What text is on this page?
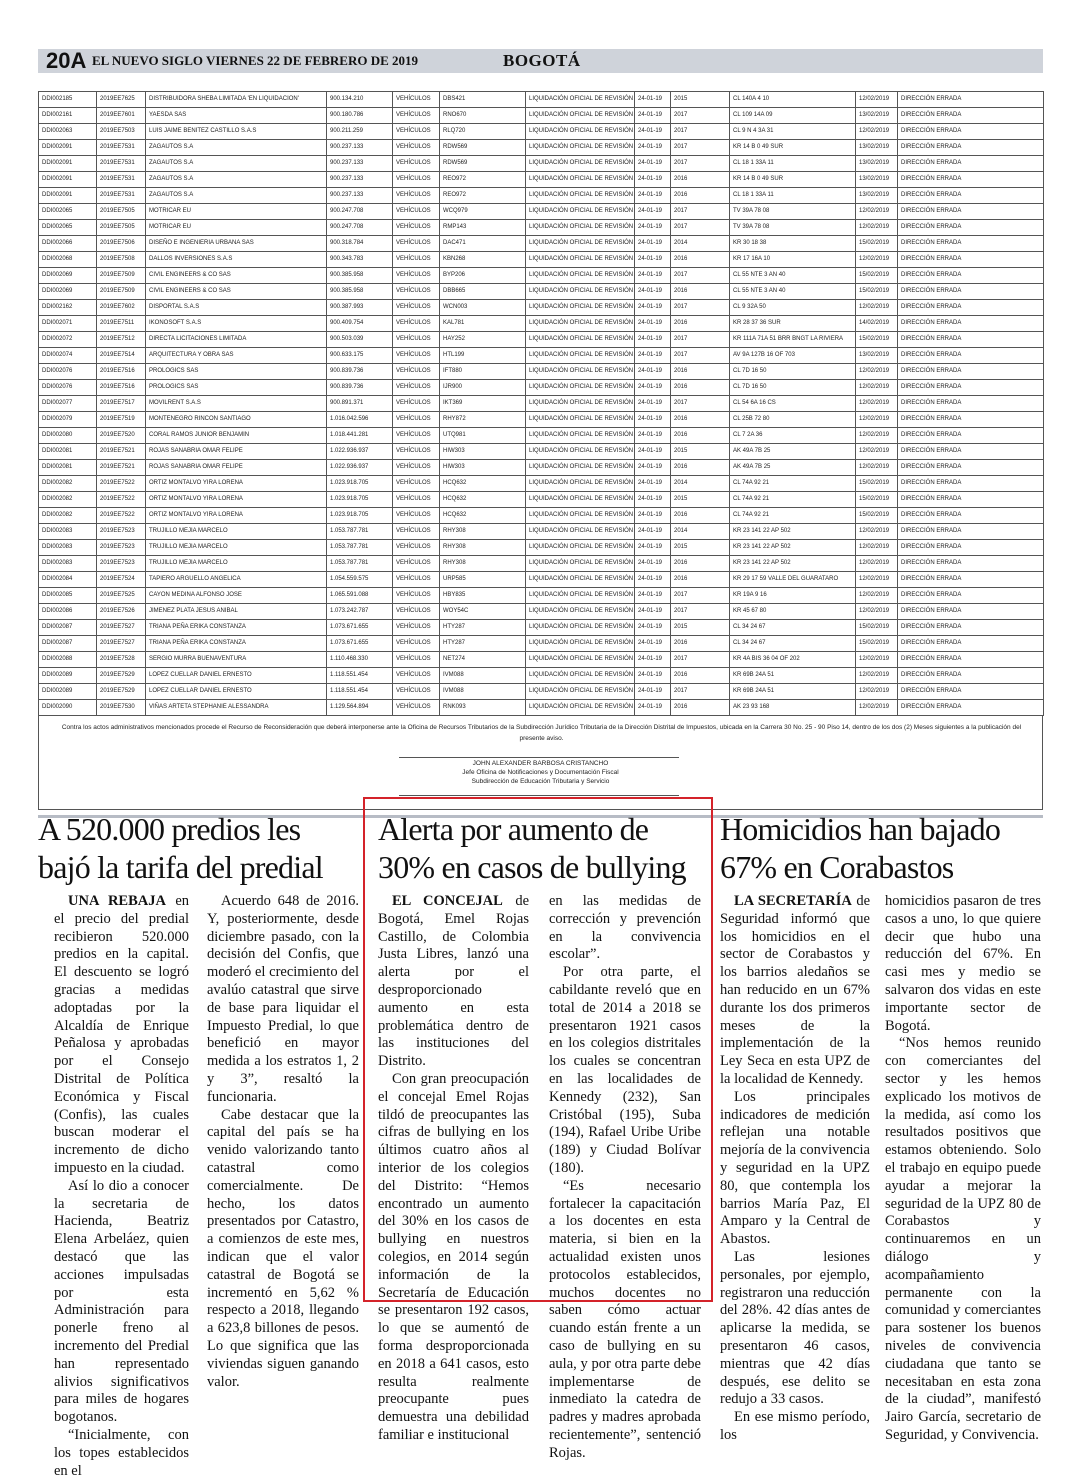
20A EL NUEVO SIGLO VIERNES 22 DE FEBRERO DE 2019	BOGOTÁ
DDI002185	2019EE7625	DISTRIBUIDORA SHEBA LIMITADA 'EN LIQUIDACION'	900.134.210	VEHÍCULOS	DBS421	LIQUIDACIÓN OFICIAL DE REVISIÓN	24-01-19	2015	CL 140A 4 10	12/02/2019	DIRECCIÓN ERRADA
DDI002161	2019EE7601	YAESDA SAS	900.180.786	VEHÍCULOS	RNO670	LIQUIDACIÓN OFICIAL DE REVISIÓN	24-01-19	2017	CL 109 14A 09	13/02/2019	DIRECCIÓN ERRADA
DDI002063	2019EE7503	LUIS JAIME BENITEZ CASTILLO S.A.S	900.211.259	VEHÍCULOS	RLQ720	LIQUIDACIÓN OFICIAL DE REVISIÓN	24-01-19	2017	CL 9 N 4 3A 31	12/02/2019	DIRECCIÓN ERRADA
DDI002091	2019EE7531	ZAGAUTOS S.A	900.237.133	VEHÍCULOS	RDW569	LIQUIDACIÓN OFICIAL DE REVISIÓN	24-01-19	2017	KR 14 B 0 49 SUR	13/02/2019	DIRECCIÓN ERRADA
DDI002091	2019EE7531	ZAGAUTOS S.A	900.237.133	VEHÍCULOS	RDW569	LIQUIDACIÓN OFICIAL DE REVISIÓN	24-01-19	2017	CL 18 1 33A 11	13/02/2019	DIRECCIÓN ERRADA
DDI002091	2019EE7531	ZAGAUTOS S.A	900.237.133	VEHÍCULOS	REO972	LIQUIDACIÓN OFICIAL DE REVISIÓN	24-01-19	2016	KR 14 B 0 49 SUR	13/02/2019	DIRECCIÓN ERRADA
DDI002091	2019EE7531	ZAGAUTOS S.A	900.237.133	VEHÍCULOS	REO972	LIQUIDACIÓN OFICIAL DE REVISIÓN	24-01-19	2016	CL 18 1 33A 11	13/02/2019	DIRECCIÓN ERRADA
DDI002065	2019EE7505	MOTRICAR EU	900.247.708	VEHÍCULOS	WCQ979	LIQUIDACIÓN OFICIAL DE REVISIÓN	24-01-19	2017	TV 39A 78 08	12/02/2019	DIRECCIÓN ERRADA
DDI002065	2019EE7505	MOTRICAR EU	900.247.708	VEHÍCULOS	RMP143	LIQUIDACIÓN OFICIAL DE REVISIÓN	24-01-19	2017	TV 39A 78 08	12/02/2019	DIRECCIÓN ERRADA
DDI002066	2019EE7506	DISEÑO E INGENIERIA URBANA SAS	900.318.784	VEHÍCULOS	DAC471	LIQUIDACIÓN OFICIAL DE REVISIÓN	24-01-19	2014	KR 30 18 38	15/02/2019	DIRECCIÓN ERRADA
DDI002068	2019EE7508	DALLOS INVERSIONES S.A.S	900.343.783	VEHÍCULOS	KBN268	LIQUIDACIÓN OFICIAL DE REVISIÓN	24-01-19	2016	KR 17 16A 10	12/02/2019	DIRECCIÓN ERRADA
DDI002069	2019EE7509	CIVIL ENGINEERS & CO SAS	900.385.958	VEHÍCULOS	BYP206	LIQUIDACIÓN OFICIAL DE REVISIÓN	24-01-19	2017	CL 55 NTE 3 AN 40	15/02/2019	DIRECCIÓN ERRADA
DDI002069	2019EE7509	CIVIL ENGINEERS & CO SAS	900.385.958	VEHÍCULOS	DBB665	LIQUIDACIÓN OFICIAL DE REVISIÓN	24-01-19	2016	CL 55 NTE 3 AN 40	15/02/2019	DIRECCIÓN ERRADA
DDI002162	2019EE7602	DISPORTAL S.A.S	900.387.993	VEHÍCULOS	WCN003	LIQUIDACIÓN OFICIAL DE REVISIÓN	24-01-19	2017	CL 9 32A 50	12/02/2019	DIRECCIÓN ERRADA
DDI002071	2019EE7511	IKONOSOFT S.A.S	900.409.754	VEHÍCULOS	KAL781	LIQUIDACIÓN OFICIAL DE REVISIÓN	24-01-19	2016	KR 28 37 36 SUR	14/02/2019	DIRECCIÓN ERRADA
DDI002072	2019EE7512	DIRECTA LICITACIONES LIMITADA	900.503.039	VEHÍCULOS	HAY252	LIQUIDACIÓN OFICIAL DE REVISIÓN	24-01-19	2017	KR 111A 71A 51 BRR BNGT LA RIVIERA	15/02/2019	DIRECCIÓN ERRADA
DDI002074	2019EE7514	ARQUITECTURA Y OBRA SAS	900.633.175	VEHÍCULOS	HTL199	LIQUIDACIÓN OFICIAL DE REVISIÓN	24-01-19	2017	AV 9A 127B 16 OF 703	13/02/2019	DIRECCIÓN ERRADA
DDI002076	2019EE7516	PROLOGICS SAS	900.839.736	VEHÍCULOS	IFT880	LIQUIDACIÓN OFICIAL DE REVISIÓN	24-01-19	2016	CL 7D 16 50	12/02/2019	DIRECCIÓN ERRADA
DDI002076	2019EE7516	PROLOGICS SAS	900.839.736	VEHÍCULOS	IJR900	LIQUIDACIÓN OFICIAL DE REVISIÓN	24-01-19	2016	CL 7D 16 50	12/02/2019	DIRECCIÓN ERRADA
DDI002077	2019EE7517	MOVILRENT S.A.S	900.891.371	VEHÍCULOS	IKT369	LIQUIDACIÓN OFICIAL DE REVISIÓN	24-01-19	2017	CL 54 6A 16 CS	12/02/2019	DIRECCIÓN ERRADA
DDI002079	2019EE7519	MONTENEGRO RINCON SANTIAGO	1.016.042.596	VEHÍCULOS	RHY872	LIQUIDACIÓN OFICIAL DE REVISIÓN	24-01-19	2016	CL 25B 72 80	12/02/2019	DIRECCIÓN ERRADA
DDI002080	2019EE7520	CORAL RAMOS JUNIOR BENJAMIN	1.018.441.281	VEHÍCULOS	UTQ981	LIQUIDACIÓN OFICIAL DE REVISIÓN	24-01-19	2016	CL 7 2A 36	12/02/2019	DIRECCIÓN ERRADA
DDI002081	2019EE7521	ROJAS SANABRIA OMAR FELIPE	1.022.936.937	VEHÍCULOS	HIW303	LIQUIDACIÓN OFICIAL DE REVISIÓN	24-01-19	2015	AK 49A 7B 25	12/02/2019	DIRECCIÓN ERRADA
DDI002081	2019EE7521	ROJAS SANABRIA OMAR FELIPE	1.022.936.937	VEHÍCULOS	HIW303	LIQUIDACIÓN OFICIAL DE REVISIÓN	24-01-19	2016	AK 49A 7B 25	12/02/2019	DIRECCIÓN ERRADA
DDI002082	2019EE7522	ORTIZ MONTALVO YIRA LORENA	1.023.918.705	VEHÍCULOS	HCQ632	LIQUIDACIÓN OFICIAL DE REVISIÓN	24-01-19	2014	CL 74A 92 21	15/02/2019	DIRECCIÓN ERRADA
DDI002082	2019EE7522	ORTIZ MONTALVO YIRA LORENA	1.023.918.705	VEHÍCULOS	HCQ632	LIQUIDACIÓN OFICIAL DE REVISIÓN	24-01-19	2015	CL 74A 92 21	15/02/2019	DIRECCIÓN ERRADA
DDI002082	2019EE7522	ORTIZ MONTALVO YIRA LORENA	1.023.918.705	VEHÍCULOS	HCQ632	LIQUIDACIÓN OFICIAL DE REVISIÓN	24-01-19	2016	CL 74A 92 21	15/02/2019	DIRECCIÓN ERRADA
DDI002083	2019EE7523	TRUJILLO MEJIA MARCELO	1.053.787.781	VEHÍCULOS	RHY308	LIQUIDACIÓN OFICIAL DE REVISIÓN	24-01-19	2014	KR 23 141 22 AP 502	12/02/2019	DIRECCIÓN ERRADA
DDI002083	2019EE7523	TRUJILLO MEJIA MARCELO	1.053.787.781	VEHÍCULOS	RHY308	LIQUIDACIÓN OFICIAL DE REVISIÓN	24-01-19	2015	KR 23 141 22 AP 502	12/02/2019	DIRECCIÓN ERRADA
DDI002083	2019EE7523	TRUJILLO MEJIA MARCELO	1.053.787.781	VEHÍCULOS	RHY308	LIQUIDACIÓN OFICIAL DE REVISIÓN	24-01-19	2016	KR 23 141 22 AP 502	12/02/2019	DIRECCIÓN ERRADA
DDI002084	2019EE7524	TAPIERO ARGUELLO ANGELICA	1.054.559.575	VEHÍCULOS	URP585	LIQUIDACIÓN OFICIAL DE REVISIÓN	24-01-19	2016	KR 29 17 59 VALLE DEL GUARATARO	12/02/2019	DIRECCIÓN ERRADA
DDI002085	2019EE7525	CAYON MEDINA ALFONSO JOSE	1.065.591.088	VEHÍCULOS	HBY835	LIQUIDACIÓN OFICIAL DE REVISIÓN	24-01-19	2017	KR 19A 9 16	12/02/2019	DIRECCIÓN ERRADA
DDI002086	2019EE7526	JIMENEZ PLATA JESUS ANIBAL	1.073.242.787	VEHÍCULOS	WOY54C	LIQUIDACIÓN OFICIAL DE REVISIÓN	24-01-19	2017	KR 45 67 80	12/02/2019	DIRECCIÓN ERRADA
DDI002087	2019EE7527	TRIANA PEÑA ERIKA CONSTANZA	1.073.671.655	VEHÍCULOS	HTY287	LIQUIDACIÓN OFICIAL DE REVISIÓN	24-01-19	2015	CL 34 24 67	15/02/2019	DIRECCIÓN ERRADA
DDI002087	2019EE7527	TRIANA PEÑA ERIKA CONSTANZA	1.073.671.655	VEHÍCULOS	HTY287	LIQUIDACIÓN OFICIAL DE REVISIÓN	24-01-19	2016	CL 34 24 67	15/02/2019	DIRECCIÓN ERRADA
DDI002088	2019EE7528	SERGIO MURRA BUENAVENTURA	1.110.468.330	VEHÍCULOS	NET274	LIQUIDACIÓN OFICIAL DE REVISIÓN	24-01-19	2017	KR 4A BIS 36 04 OF 202	12/02/2019	DIRECCIÓN ERRADA
DDI002089	2019EE7529	LOPEZ CUELLAR DANIEL ERNESTO	1.118.551.454	VEHÍCULOS	IVM088	LIQUIDACIÓN OFICIAL DE REVISIÓN	24-01-19	2016	KR 69B 24A 51	12/02/2019	DIRECCIÓN ERRADA
DDI002089	2019EE7529	LOPEZ CUELLAR DANIEL ERNESTO	1.118.551.454	VEHÍCULOS	IVM088	LIQUIDACIÓN OFICIAL DE REVISIÓN	24-01-19	2017	KR 69B 24A 51	12/02/2019	DIRECCIÓN ERRADA
DDI002090	2019EE7530	VIÑAS ARTETA STEPHANIE ALESSANDRA	1.129.564.894	VEHÍCULOS	RNK093	LIQUIDACIÓN OFICIAL DE REVISIÓN	24-01-19	2016	AK 23 93 168	12/02/2019	DIRECCIÓN ERRADA
Contra los actos administrativos mencionados procede el Recurso de Reconsideración que deberá interponerse ante la Oficina de Recursos Tributarios de la Subdirección Jurídico Tributaria de la Dirección Distrital de Impuestos, ubicada en la Carrera 30 No. 25 - 90 Piso 14, dentro de los dos (2) Meses siguientes a la publicación del presente aviso.
JOHN ALEXANDER BARBOSA CRISTANCHO
Jefe Oficina de Notificaciones y Documentación Fiscal
Subdirección de Educación Tributaria y Servicio
A 520.000 predios les bajó la tarifa del predial

UNA REBAJA en el precio del predial recibieron 520.000 predios en la capital. El descuento se logró gracias a medidas adoptadas por la Alcaldía de Enrique Peñalosa y aprobadas por el Consejo Distrital de Política Económica y Fiscal (Confis), las cuales buscan moderar el incremento de dicho impuesto en la ciudad.

Así lo dio a conocer la secretaria de Hacienda, Beatriz Elena Arbeláez, quien destacó que las acciones impulsadas por esta Administración para ponerle freno al incremento del Predial han representado alivios significativos para miles de hogares bogotanos.

“Inicialmente, con los topes establecidos en el

Acuerdo 648 de 2016. Y, posteriormente, desde diciembre pasado, con la decisión del Confis, que moderó el crecimiento del avalúo catastral que sirve de base para liquidar el Impuesto Predial, lo que benefició en mayor medida a los estratos 1, 2 y 3”, resaltó la funcionaria.

Cabe destacar que la capital del país se ha venido valorizando tanto catastral como comercialmente. De hecho, los datos presentados por Catastro, a comienzos de este mes, indican que el valor catastral de Bogotá se incrementó en 5,62 % respecto a 2018, llegando a 623,8 billones de pesos. Lo que significa que las viviendas siguen ganando valor.

Alerta por aumento de 30% en casos de bullying

EL CONCEJAL de Bogotá, Emel Rojas Castillo, de Colombia Justa Libres, lanzó una alerta por el desproporcionado aumento en esta problemática dentro de las instituciones del Distrito.

Con gran preocupación el concejal Emel Rojas tildó de preocupantes las cifras de bullying en los últimos cuatro años al interior de los colegios del Distrito: “Hemos encontrado un aumento del 30% en los casos de bullying en nuestros colegios, en 2014 según información de la Secretaría de Educación se presentaron 192 casos, lo que se aumentó de forma desproporcionada en 2018 a 641 casos, esto resulta realmente preocupante pues demuestra una debilidad familiar e institucional

en las medidas de corrección y prevención en la convivencia escolar”.

Por otra parte, el cabildante reveló que en total de 2014 a 2018 se presentaron 1921 casos en los colegios distritales los cuales se concentran en las localidades de Kennedy (232), San Cristóbal (195), Suba (194), Rafael Uribe Uribe (189) y Ciudad Bolívar (180).

“Es necesario fortalecer la capacitación a los docentes en esta materia, si bien en la actualidad existen unos protocolos establecidos, muchos docentes no saben cómo actuar cuando están frente a un caso de bullying en su aula, y por otra parte debe implementarse de inmediato la catedra de padres y madres aprobada recientemente”, sentenció Rojas.

Homicidios han bajado 67% en Corabastos

LA SECRETARÍA de Seguridad informó que los homicidios en el sector de Corabastos y los barrios aledaños se han reducido en un 67% durante los dos primeros meses de la implementación de la Ley Seca en esta UPZ de la localidad de Kennedy.

Los principales indicadores de medición reflejan una notable mejoría de la convivencia y seguridad en la UPZ 80, que contempla los barrios María Paz, El Amparo y la Central de Abastos.

Las lesiones personales, por ejemplo, registraron una reducción del 28%. 42 días antes de aplicarse la medida, se presentaron 46 casos, mientras que 42 días después, ese delito se redujo a 33 casos.

En ese mismo período, los

homicidios pasaron de tres casos a uno, lo que quiere decir que hubo una reducción del 67%. En casi mes y medio se salvaron dos vidas en este importante sector de Bogotá.

“Nos hemos reunido con comerciantes del sector y les hemos explicado los motivos de la medida, así como los resultados positivos que estamos obteniendo. Solo el trabajo en equipo puede ayudar a mejorar la seguridad de la UPZ 80 de Corabastos y continuaremos en un diálogo y acompañamiento permanente con la comunidad y comerciantes para sostener los buenos niveles de convivencia ciudadana que tanto se necesitaban en esta zona de la ciudad”, manifestó Jairo García, secretario de Seguridad, y Convivencia.
